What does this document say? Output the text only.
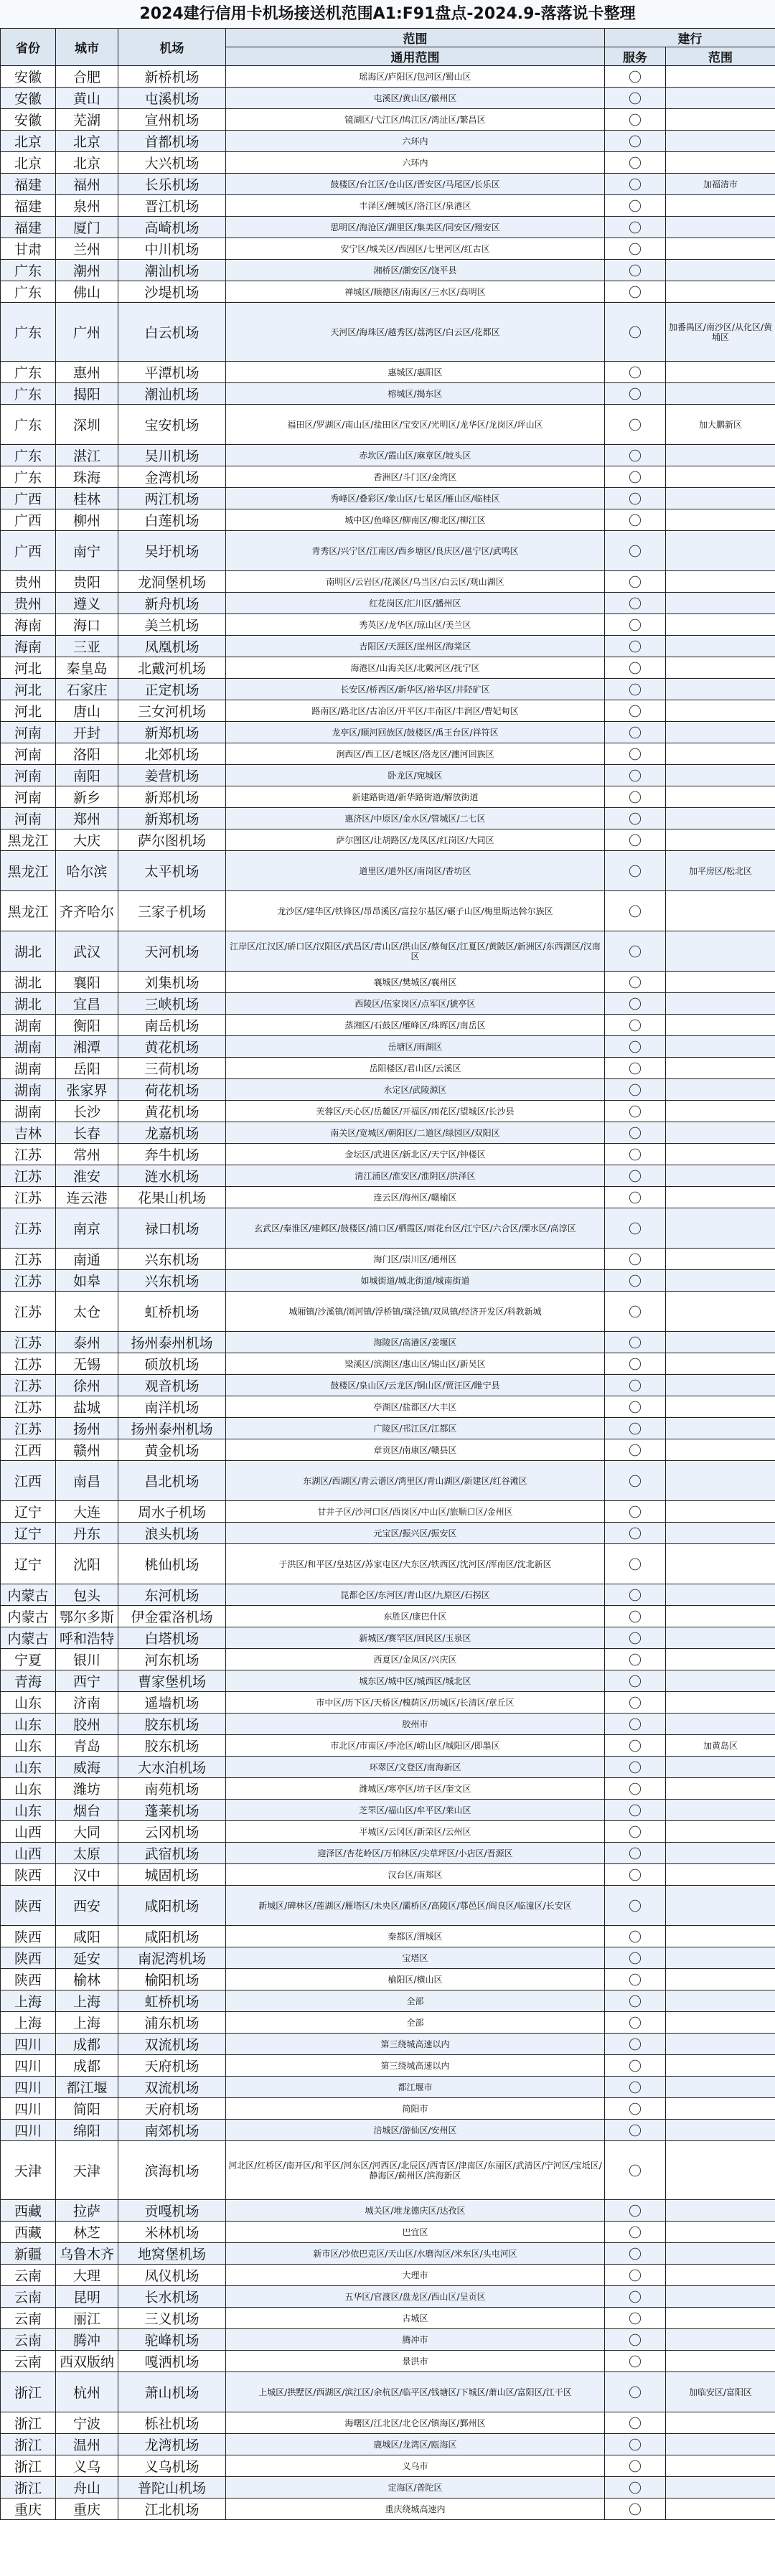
2024建行信用卡机场接送机范围A1:F91盘点-2024.9-落落说卡整理
省份	城市	机场	范围	建行	
			通用范围	服务	范围
安徽	合肥	新桥机场	瑶海区/庐阳区/包河区/蜀山区	〇	
安徽	黄山	屯溪机场	屯溪区/黄山区/徽州区	〇	
安徽	芜湖	宣州机场	镜湖区/弋江区/鸠江区/湾沚区/繁昌区	〇	
北京	北京	首都机场	六环内	〇	
北京	北京	大兴机场	六环内	〇	
福建	福州	长乐机场	鼓楼区/台江区/仓山区/晋安区/马尾区/长乐区	〇	加福清市
福建	泉州	晋江机场	丰泽区/鲤城区/洛江区/泉港区	〇	
福建	厦门	高崎机场	思明区/海沧区/湖里区/集美区/同安区/翔安区	〇	
甘肃	兰州	中川机场	安宁区/城关区/西固区/七里河区/红古区	〇	
广东	潮州	潮汕机场	湘桥区/潮安区/饶平县	〇	
广东	佛山	沙堤机场	禅城区/顺德区/南海区/三水区/高明区	〇	
广东	广州	白云机场	天河区/海珠区/越秀区/荔湾区/白云区/花都区	〇	加番禺区/南沙区/从化区/黄埔区
广东	惠州	平潭机场	惠城区/惠阳区	〇	
广东	揭阳	潮汕机场	榕城区/揭东区	〇	
广东	深圳	宝安机场	福田区/罗湖区/南山区/盐田区/宝安区/光明区/龙华区/龙岗区/坪山区	〇	加大鹏新区
广东	湛江	吴川机场	赤坎区/霞山区/麻章区/坡头区	〇	
广东	珠海	金湾机场	香洲区/斗门区/金湾区	〇	
广西	桂林	两江机场	秀峰区/叠彩区/象山区/七星区/雁山区/临桂区	〇	
广西	柳州	白莲机场	城中区/鱼峰区/柳南区/柳北区/柳江区	〇	
广西	南宁	吴圩机场	青秀区/兴宁区/江南区/西乡塘区/良庆区/邕宁区/武鸣区	〇	
贵州	贵阳	龙洞堡机场	南明区/云岩区/花溪区/乌当区/白云区/观山湖区	〇	
贵州	遵义	新舟机场	红花岗区/汇川区/播州区	〇	
海南	海口	美兰机场	秀英区/龙华区/琼山区/美兰区	〇	
海南	三亚	凤凰机场	吉阳区/天涯区/崖州区/海棠区	〇	
河北	秦皇岛	北戴河机场	海港区/山海关区/北戴河区/抚宁区	〇	
河北	石家庄	正定机场	长安区/桥西区/新华区/裕华区/井陉矿区	〇	
河北	唐山	三女河机场	路南区/路北区/古冶区/开平区/丰南区/丰润区/曹妃甸区	〇	
河南	开封	新郑机场	龙亭区/顺河回族区/鼓楼区/禹王台区/祥符区	〇	
河南	洛阳	北郊机场	涧西区/西工区/老城区/洛龙区/瀍河回族区	〇	
河南	南阳	姜营机场	卧龙区/宛城区	〇	
河南	新乡	新郑机场	新建路街道/新华路街道/解放街道	〇	
河南	郑州	新郑机场	惠济区/中原区/金水区/管城区/二七区	〇	
黑龙江	大庆	萨尔图机场	萨尔图区/让胡路区/龙凤区/红岗区/大同区	〇	
黑龙江	哈尔滨	太平机场	道里区/道外区/南岗区/香坊区	〇	加平房区/松北区
黑龙江	齐齐哈尔	三家子机场	龙沙区/建华区/铁锋区/昂昂溪区/富拉尔基区/碾子山区/梅里斯达斡尔族区	〇	
湖北	武汉	天河机场	江岸区/江汉区/硚口区/汉阳区/武昌区/青山区/洪山区/蔡甸区/江夏区/黄陂区/新洲区/东西湖区/汉南区	〇	
湖北	襄阳	刘集机场	襄城区/樊城区/襄州区	〇	
湖北	宜昌	三峡机场	西陵区/伍家岗区/点军区/猇亭区	〇	
湖南	衡阳	南岳机场	蒸湘区/石鼓区/雁峰区/珠晖区/南岳区	〇	
湖南	湘潭	黄花机场	岳塘区/雨湖区	〇	
湖南	岳阳	三荷机场	岳阳楼区/君山区/云溪区	〇	
湖南	张家界	荷花机场	永定区/武陵源区	〇	
湖南	长沙	黄花机场	芙蓉区/天心区/岳麓区/开福区/雨花区/望城区/长沙县	〇	
吉林	长春	龙嘉机场	南关区/宽城区/朝阳区/二道区/绿园区/双阳区	〇	
江苏	常州	奔牛机场	金坛区/武进区/新北区/天宁区/钟楼区	〇	
江苏	淮安	涟水机场	清江浦区/淮安区/淮阴区/洪泽区	〇	
江苏	连云港	花果山机场	连云区/海州区/赣榆区	〇	
江苏	南京	禄口机场	玄武区/秦淮区/建邺区/鼓楼区/浦口区/栖霞区/雨花台区/江宁区/六合区/溧水区/高淳区	〇	
江苏	南通	兴东机场	海门区/崇川区/通州区	〇	
江苏	如皋	兴东机场	如城街道/城北街道/城南街道	〇	
江苏	太仓	虹桥机场	城厢镇/沙溪镇/浏河镇/浮桥镇/璜泾镇/双凤镇/经济开发区/科教新城	〇	
江苏	泰州	扬州泰州机场	海陵区/高港区/姜堰区	〇	
江苏	无锡	硕放机场	梁溪区/滨湖区/惠山区/锡山区/新吴区	〇	
江苏	徐州	观音机场	鼓楼区/泉山区/云龙区/铜山区/贾汪区/睢宁县	〇	
江苏	盐城	南洋机场	亭湖区/盐都区/大丰区	〇	
江苏	扬州	扬州泰州机场	广陵区/邗江区/江都区	〇	
江西	赣州	黄金机场	章贡区/南康区/赣县区	〇	
江西	南昌	昌北机场	东湖区/西湖区/青云谱区/湾里区/青山湖区/新建区/红谷滩区	〇	
辽宁	大连	周水子机场	甘井子区/沙河口区/西岗区/中山区/旅顺口区/金州区	〇	
辽宁	丹东	浪头机场	元宝区/振兴区/振安区	〇	
辽宁	沈阳	桃仙机场	于洪区/和平区/皇姑区/苏家屯区/大东区/铁西区/沈河区/浑南区/沈北新区	〇	
内蒙古	包头	东河机场	昆都仑区/东河区/青山区/九原区/石拐区	〇	
内蒙古	鄂尔多斯	伊金霍洛机场	东胜区/康巴什区	〇	
内蒙古	呼和浩特	白塔机场	新城区/赛罕区/回民区/玉泉区	〇	
宁夏	银川	河东机场	西夏区/金凤区/兴庆区	〇	
青海	西宁	曹家堡机场	城东区/城中区/城西区/城北区	〇	
山东	济南	遥墙机场	市中区/历下区/天桥区/槐荫区/历城区/长清区/章丘区	〇	
山东	胶州	胶东机场	胶州市	〇	
山东	青岛	胶东机场	市北区/市南区/李沧区/崂山区/城阳区/即墨区	〇	加黄岛区
山东	威海	大水泊机场	环翠区/文登区/南海新区	〇	
山东	潍坊	南苑机场	潍城区/寒亭区/坊子区/奎文区	〇	
山东	烟台	蓬莱机场	芝罘区/福山区/牟平区/莱山区	〇	
山西	大同	云冈机场	平城区/云冈区/新荣区/云州区	〇	
山西	太原	武宿机场	迎泽区/杏花岭区/万柏林区/尖草坪区/小店区/晋源区	〇	
陕西	汉中	城固机场	汉台区/南郑区	〇	
陕西	西安	咸阳机场	新城区/碑林区/莲湖区/雁塔区/未央区/灞桥区/高陵区/鄠邑区/阎良区/临潼区/长安区	〇	
陕西	咸阳	咸阳机场	秦都区/渭城区	〇	
陕西	延安	南泥湾机场	宝塔区	〇	
陕西	榆林	榆阳机场	榆阳区/横山区	〇	
上海	上海	虹桥机场	全部	〇	
上海	上海	浦东机场	全部	〇	
四川	成都	双流机场	第三绕城高速以内	〇	
四川	成都	天府机场	第三绕城高速以内	〇	
四川	都江堰	双流机场	都江堰市	〇	
四川	简阳	天府机场	简阳市	〇	
四川	绵阳	南郊机场	涪城区/游仙区/安州区	〇	
天津	天津	滨海机场	河北区/红桥区/南开区/和平区/河东区/河西区/北辰区/西青区/津南区/东丽区/武清区/宁河区/宝坻区/静海区/蓟州区/滨海新区	〇	
西藏	拉萨	贡嘎机场	城关区/堆龙德庆区/达孜区	〇	
西藏	林芝	米林机场	巴宜区	〇	
新疆	乌鲁木齐	地窝堡机场	新市区/沙依巴克区/天山区/水磨沟区/米东区/头屯河区	〇	
云南	大理	凤仪机场	大理市	〇	
云南	昆明	长水机场	五华区/官渡区/盘龙区/西山区/呈贡区	〇	
云南	丽江	三义机场	古城区	〇	
云南	腾冲	驼峰机场	腾冲市	〇	
云南	西双版纳	嘎洒机场	景洪市	〇	
浙江	杭州	萧山机场	上城区/拱墅区/西湖区/滨江区/余杭区/临平区/钱塘区/下城区/萧山区/富阳区/江干区	〇	加临安区/富阳区
浙江	宁波	栎社机场	海曙区/江北区/北仑区/镇海区/鄞州区	〇	
浙江	温州	龙湾机场	鹿城区/龙湾区/瓯海区	〇	
浙江	义乌	义乌机场	义乌市	〇	
浙江	舟山	普陀山机场	定海区/普陀区	〇	
重庆	重庆	江北机场	重庆绕城高速内	〇	
